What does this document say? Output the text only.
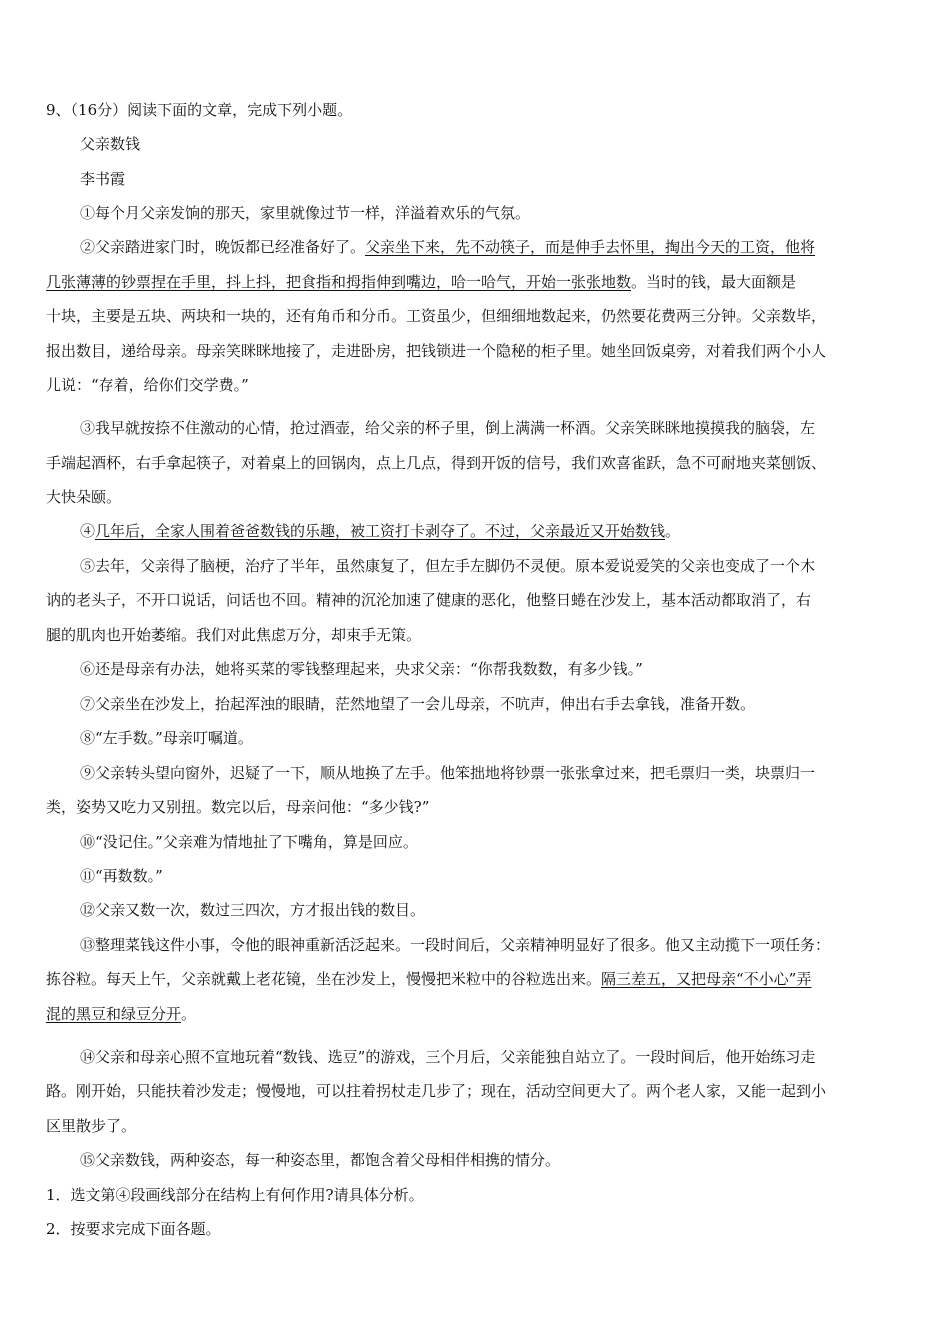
9、（16分）阅读下面的文章，完成下列小题。
父亲数钱
李书霞
①每个月父亲发饷的那天，家里就像过节一样，洋溢着欢乐的气氛。
②父亲踏进家门时，晚饭都已经准备好了。父亲坐下来，先不动筷子，而是伸手去怀里，掏出今天的工资，他将
几张薄薄的钞票捏在手里，抖上抖，把食指和拇指伸到嘴边，哈一哈气，开始一张张地数。当时的钱，最大面额是
十块，主要是五块、两块和一块的，还有角币和分币。工资虽少，但细细地数起来，仍然要花费两三分钟。父亲数毕，
报出数目，递给母亲。母亲笑眯眯地接了，走进卧房，把钱锁进一个隐秘的柜子里。她坐回饭桌旁，对着我们两个小人
儿说：“存着，给你们交学费。”
③我早就按捺不住激动的心情，抢过酒壶，给父亲的杯子里，倒上满满一杯酒。父亲笑眯眯地摸摸我的脑袋，左
手端起酒杯，右手拿起筷子，对着桌上的回锅肉，点上几点，得到开饭的信号，我们欢喜雀跃，急不可耐地夹菜刨饭、
大快朵颐。
④几年后，全家人围着爸爸数钱的乐趣，被工资打卡剥夺了。不过，父亲最近又开始数钱。
⑤去年，父亲得了脑梗，治疗了半年，虽然康复了，但左手左脚仍不灵便。原本爱说爱笑的父亲也变成了一个木
讷的老头子，不开口说话，问话也不回。精神的沉沦加速了健康的恶化，他整日蜷在沙发上，基本活动都取消了，右
腿的肌肉也开始萎缩。我们对此焦虑万分，却束手无策。
⑥还是母亲有办法，她将买菜的零钱整理起来，央求父亲：“你帮我数数，有多少钱。”
⑦父亲坐在沙发上，抬起浑浊的眼睛，茫然地望了一会儿母亲，不吭声，伸出右手去拿钱，准备开数。
⑧“左手数。”母亲叮嘱道。
⑨父亲转头望向窗外，迟疑了一下，顺从地换了左手。他笨拙地将钞票一张张拿过来，把毛票归一类，块票归一
类，姿势又吃力又别扭。数完以后，母亲问他：“多少钱?”
⑩“没记住。”父亲难为情地扯了下嘴角，算是回应。
⑪“再数数。”
⑫父亲又数一次，数过三四次，方才报出钱的数目。
⑬整理菜钱这件小事，令他的眼神重新活泛起来。一段时间后，父亲精神明显好了很多。他又主动揽下一项任务：
拣谷粒。每天上午，父亲就戴上老花镜，坐在沙发上，慢慢把米粒中的谷粒选出来。隔三差五，又把母亲“不小心”弄
混的黑豆和绿豆分开。
⑭父亲和母亲心照不宣地玩着“数钱、选豆”的游戏，三个月后，父亲能独自站立了。一段时间后，他开始练习走
路。刚开始，只能扶着沙发走；慢慢地，可以拄着拐杖走几步了；现在，活动空间更大了。两个老人家，又能一起到小
区里散步了。
⑮父亲数钱，两种姿态，每一种姿态里，都饱含着父母相伴相携的情分。
1．选文第④段画线部分在结构上有何作用?请具体分析。
2．按要求完成下面各题。
